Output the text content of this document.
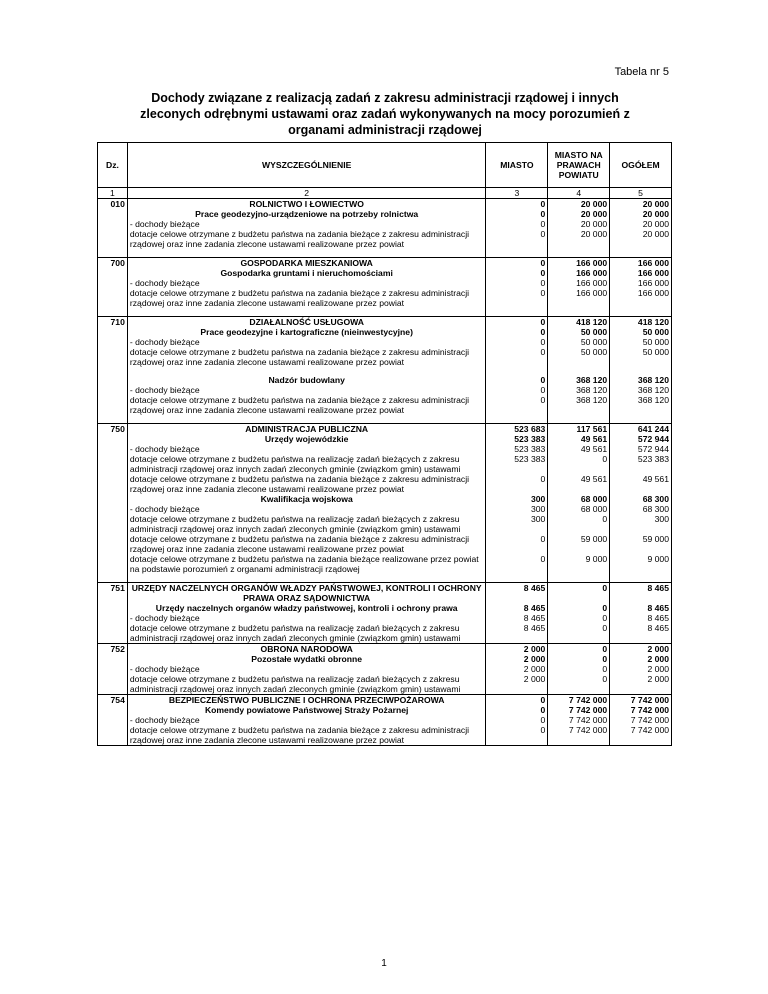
Tabela nr 5
Dochody związane z realizacją zadań z zakresu administracji rządowej i innych zleconych odrębnymi ustawami oraz zadań wykonywanych na mocy porozumień z organami administracji rządowej
Dz.	WYSZCZEGÓLNIENIE	MIASTO	MIASTO NA PRAWACH POWIATU	OGÓŁEM
1	2	3	4	5
010	ROLNICTWO I ŁOWIECTWO	0	20 000	20 000
	Prace geodezyjno-urządzeniowe na potrzeby rolnictwa	0	20 000	20 000
	- dochody bieżące	0	20 000	20 000
	dotacje celowe otrzymane z budżetu państwa na zadania bieżące z zakresu administracji rządowej oraz inne zadania zlecone ustawami realizowane przez powiat	0	20 000	20 000

700	GOSPODARKA MIESZKANIOWA	0	166 000	166 000
	Gospodarka gruntami i nieruchomościami	0	166 000	166 000
	- dochody bieżące	0	166 000	166 000
	dotacje celowe otrzymane z budżetu państwa na zadania bieżące z zakresu administracji rządowej oraz inne zadania zlecone ustawami realizowane przez powiat	0	166 000	166 000

710	DZIAŁALNOŚĆ USŁUGOWA	0	418 120	418 120
	Prace geodezyjne i kartograficzne (nieinwestycyjne)	0	50 000	50 000
	- dochody bieżące	0	50 000	50 000
	dotacje celowe otrzymane z budżetu państwa na zadania bieżące z zakresu administracji rządowej oraz inne zadania zlecone ustawami realizowane przez powiat	0	50 000	50 000

	Nadzór budowlany	0	368 120	368 120
	- dochody bieżące	0	368 120	368 120
	dotacje celowe otrzymane z budżetu państwa na zadania bieżące z zakresu administracji rządowej oraz inne zadania zlecone ustawami realizowane przez powiat	0	368 120	368 120

750	ADMINISTRACJA PUBLICZNA	523 683	117 561	641 244
	Urzędy wojewódzkie	523 383	49 561	572 944
	- dochody bieżące	523 383	49 561	572 944
	dotacje celowe otrzymane z budżetu państwa na realizację zadań bieżących z zakresu administracji rządowej oraz innych zadań zleconych gminie (związkom gmin) ustawami	523 383	0	523 383
	dotacje celowe otrzymane z budżetu państwa na zadania bieżące z zakresu administracji rządowej oraz inne zadania zlecone ustawami realizowane przez powiat	0	49 561	49 561
	Kwalifikacja wojskowa	300	68 000	68 300
	- dochody bieżące	300	68 000	68 300
	dotacje celowe otrzymane z budżetu państwa na realizację zadań bieżących z zakresu administracji rządowej oraz innych zadań zleconych gminie (związkom gmin) ustawami	300	0	300
	dotacje celowe otrzymane z budżetu państwa na zadania bieżące z zakresu administracji rządowej oraz inne zadania zlecone ustawami realizowane przez powiat	0	59 000	59 000
	dotacje celowe otrzymane z budżetu państwa na zadania bieżące realizowane przez powiat na podstawie porozumień z organami administracji rządowej	0	9 000	9 000

751	URZĘDY NACZELNYCH ORGANÓW WŁADZY PAŃSTWOWEJ, KONTROLI I OCHRONY PRAWA ORAZ SĄDOWNICTWA	8 465	0	8 465
	Urzędy naczelnych organów władzy państwowej, kontroli i ochrony prawa	8 465	0	8 465
	- dochody bieżące	8 465	0	8 465
	dotacje celowe otrzymane z budżetu państwa na realizację zadań bieżących z zakresu administracji rządowej oraz innych zadań zleconych gminie (związkom gmin) ustawami	8 465	0	8 465
752	OBRONA NARODOWA	2 000	0	2 000
	Pozostałe wydatki obronne	2 000	0	2 000
	- dochody bieżące	2 000	0	2 000
	dotacje celowe otrzymane z budżetu państwa na realizację zadań bieżących z zakresu administracji rządowej oraz innych zadań zleconych gminie (związkom gmin) ustawami	2 000	0	2 000
754	BEZPIECZEŃSTWO PUBLICZNE I OCHRONA PRZECIWPOŻAROWA	0	7 742 000	7 742 000
	Komendy powiatowe Państwowej Straży Pożarnej	0	7 742 000	7 742 000
	- dochody bieżące	0	7 742 000	7 742 000
	dotacje celowe otrzymane z budżetu państwa na zadania bieżące z zakresu administracji rządowej oraz inne zadania zlecone ustawami realizowane przez powiat	0	7 742 000	7 742 000
1
